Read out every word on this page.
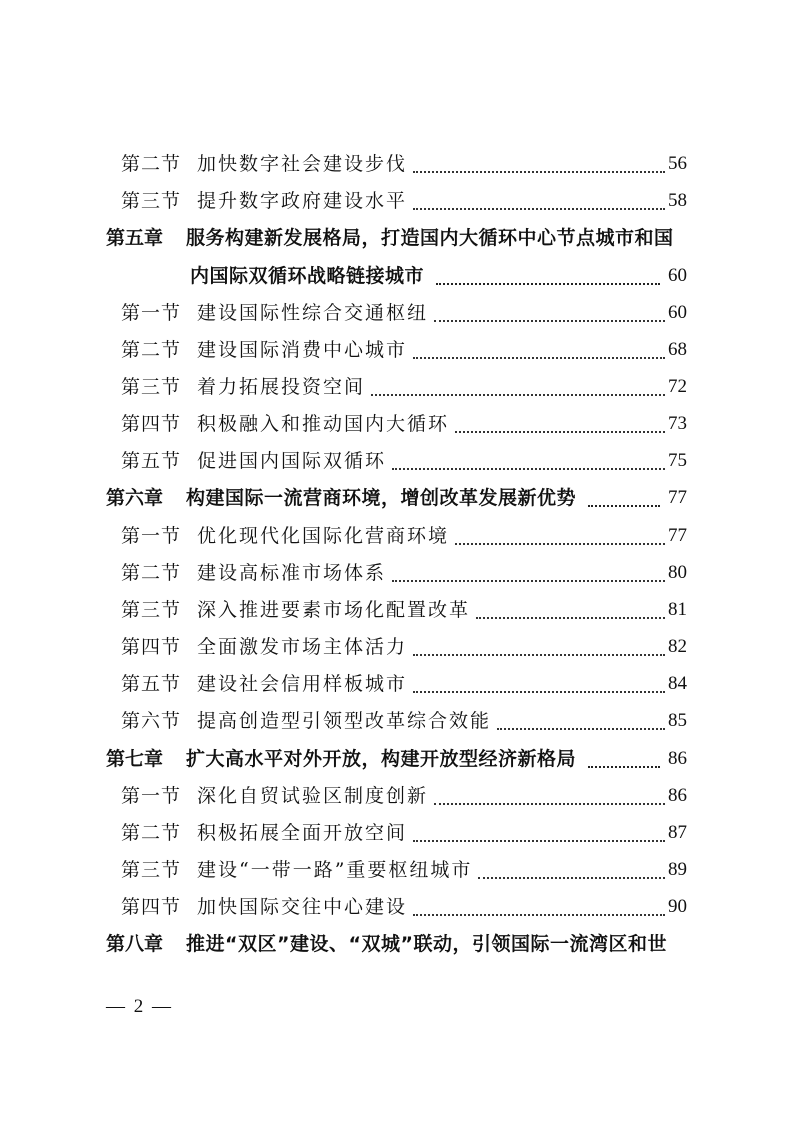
第二节 加快数字社会建设步伐	56
第三节 提升数字政府建设水平	58
第五章	服务构建新发展格局，打造国内大循环中心节点城市和国
内国际双循环战略链接城市	60
第一节 建设国际性综合交通枢纽	60
第二节 建设国际消费中心城市	68
第三节 着力拓展投资空间	72
第四节 积极融入和推动国内大循环	73
第五节 促进国内国际双循环	75
第六章	构建国际一流营商环境，增创改革发展新优势	77
第一节 优化现代化国际化营商环境	77
第二节 建设高标准市场体系	80
第三节 深入推进要素市场化配置改革	81
第四节 全面激发市场主体活力	82
第五节 建设社会信用样板城市	84
第六节 提高创造型引领型改革综合效能	85
第七章	扩大高水平对外开放，构建开放型经济新格局	86
第一节 深化自贸试验区制度创新	86
第二节 积极拓展全面开放空间	87
第三节 建设“一带一路”重要枢纽城市	89
第四节 加快国际交往中心建设	90
第八章	推进“双区”建设、“双城”联动，引领国际一流湾区和世
— 2 —
